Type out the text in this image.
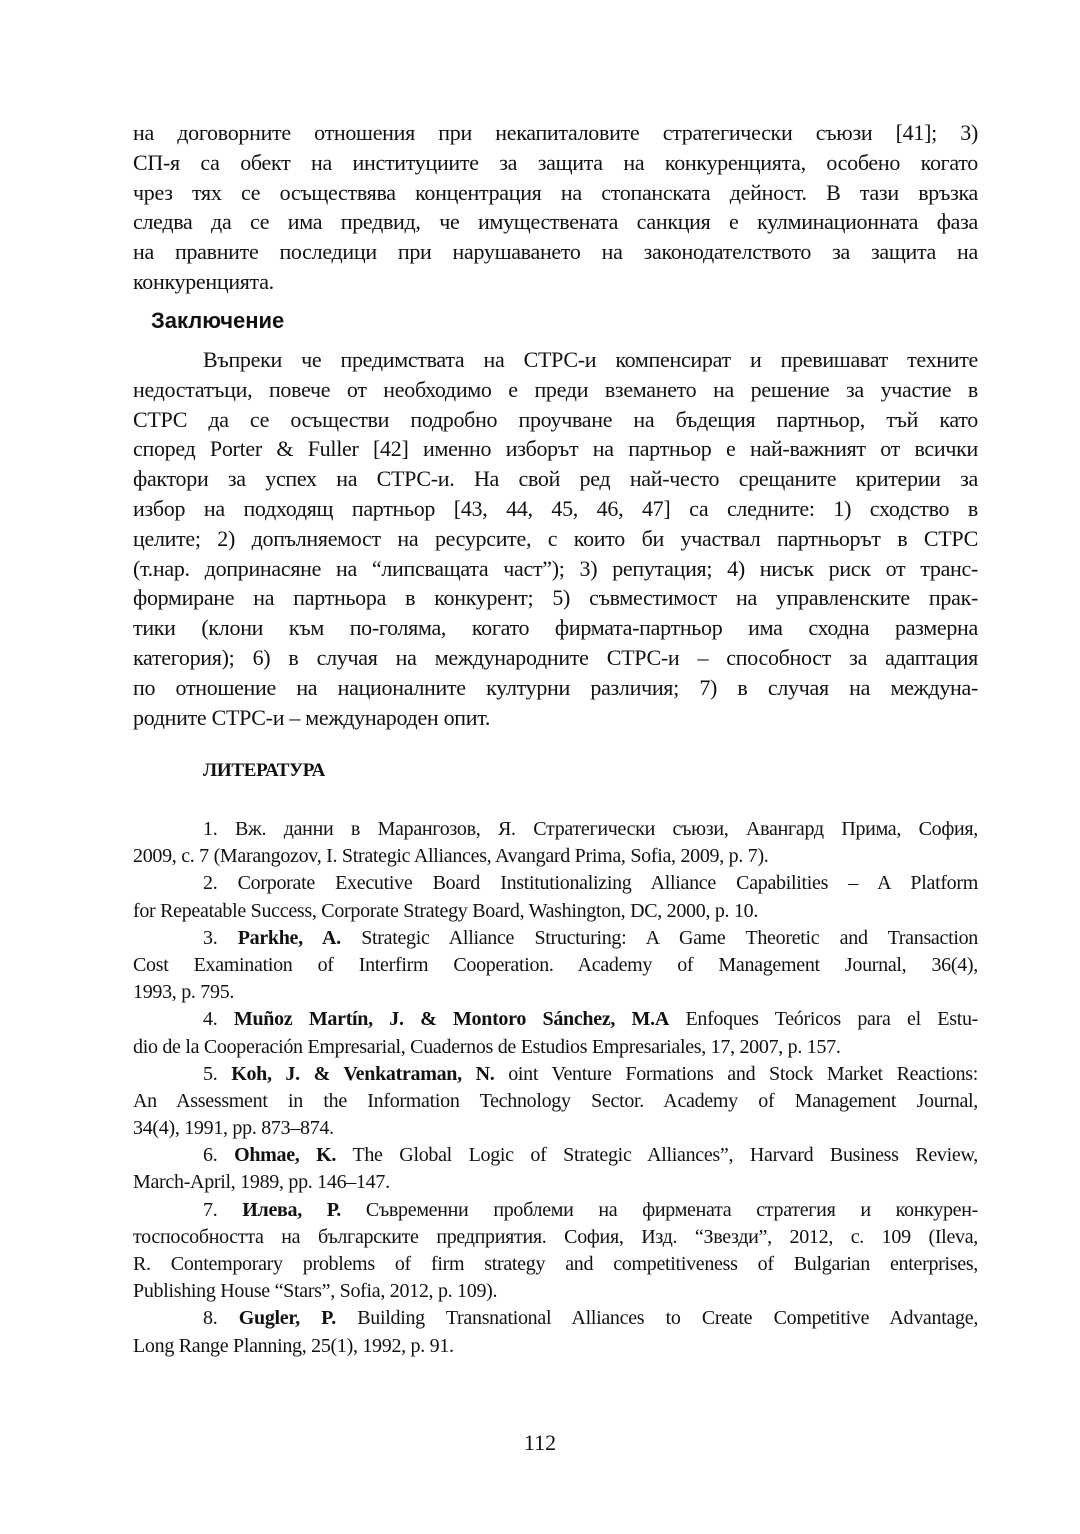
на договорните отношения при некапиталовите стратегически съюзи [41]; 3)
СП-я са обект на институциите за защита на конкуренцията, особено когато
чрез тях се осъществява концентрация на стопанската дейност. В тази връзка
следва да се има предвид, че имуществената санкция е кулминационната фаза
на правните последици при нарушаването на законодателството за защита на
конкуренцията.
Заключение
Въпреки че предимствата на СТРС-и компенсират и превишават техните
недостатъци, повече от необходимо е преди вземането на решение за участие в
СТРС да се осъществи подробно проучване на бъдещия партньор, тъй като
според Porter & Fuller [42] именно изборът на партньор е най-важният от всички
фактори за успех на СТРС-и. На свой ред най-често срещаните критерии за
избор на подходящ партньор [43, 44, 45, 46, 47] са следните: 1) сходство в
целите; 2) допълняемост на ресурсите, с които би участвал партньорът в СТРС
(т.нар. допринасяне на “липсващата част”); 3) репутация; 4) нисък риск от транс-
формиране на партньора в конкурент; 5) съвместимост на управленските прак-
тики (клони към по-голяма, когато фирмата-партньор има сходна размерна
категория); 6) в случая на международните СТРС-и – способност за адаптация
по отношение на националните културни различия; 7) в случая на междуна-
родните СТРС-и – международен опит.
ЛИТЕРАТУРА
1. Вж. данни в Марангозов, Я. Стратегически съюзи, Авангард Прима, София,
2009, с. 7 (Marangozov, I. Strategic Alliances, Avangard Prima, Sofia, 2009, p. 7).
2. Corporate Executive Board Institutionalizing Alliance Capabilities – A Platform
for Repeatable Success, Corporate Strategy Board, Washington, DC, 2000, p. 10.
3. Parkhe, A. Strategic Alliance Structuring: A Game Theoretic and Transaction
Cost Examination of Interfirm Cooperation. Academy of Management Journal, 36(4),
1993, p. 795.
4. Muñoz Martín, J. & Montoro Sánchez, M.A Enfoques Teóricos para el Estu-
dio de la Cooperación Empresarial, Cuadernos de Estudios Empresariales, 17, 2007, p. 157.
5. Koh, J. & Venkatraman, N. oint Venture Formations and Stock Market Reactions:
An Assessment in the Information Technology Sector. Academy of Management Journal,
34(4), 1991, pp. 873–874.
6. Ohmae, K. The Global Logic of Strategic Alliances”, Harvard Business Review,
March-April, 1989, pp. 146–147.
7. Илева, Р. Съвременни проблеми на фирмената стратегия и конкурен-
тоспособността на българските предприятия. София, Изд. “Звезди”, 2012, с. 109 (Ileva,
R. Contemporary problems of firm strategy and competitiveness of Bulgarian enterprises,
Publishing House “Stars”, Sofia, 2012, p. 109).
8. Gugler, P. Building Transnational Alliances to Create Competitive Advantage,
Long Range Planning, 25(1), 1992, p. 91.
112
